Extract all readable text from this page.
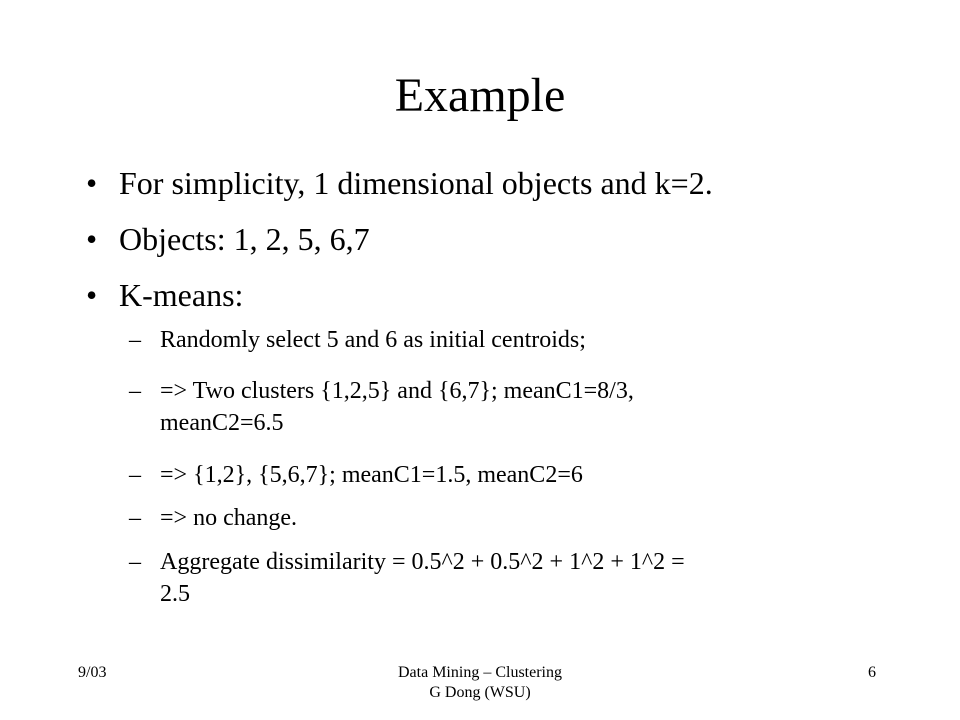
Example
• For simplicity, 1 dimensional objects and k=2.
• Objects: 1, 2, 5, 6,7
• K-means:
– Randomly select 5 and 6 as initial centroids;
– => Two clusters {1,2,5} and {6,7}; meanC1=8/3,
meanC2=6.5
– => {1,2}, {5,6,7}; meanC1=1.5, meanC2=6
– => no change.
– Aggregate dissimilarity = 0.5^2 + 0.5^2 + 1^2 + 1^2 =
2.5
9/03	Data Mining – Clustering
G Dong (WSU)
6
